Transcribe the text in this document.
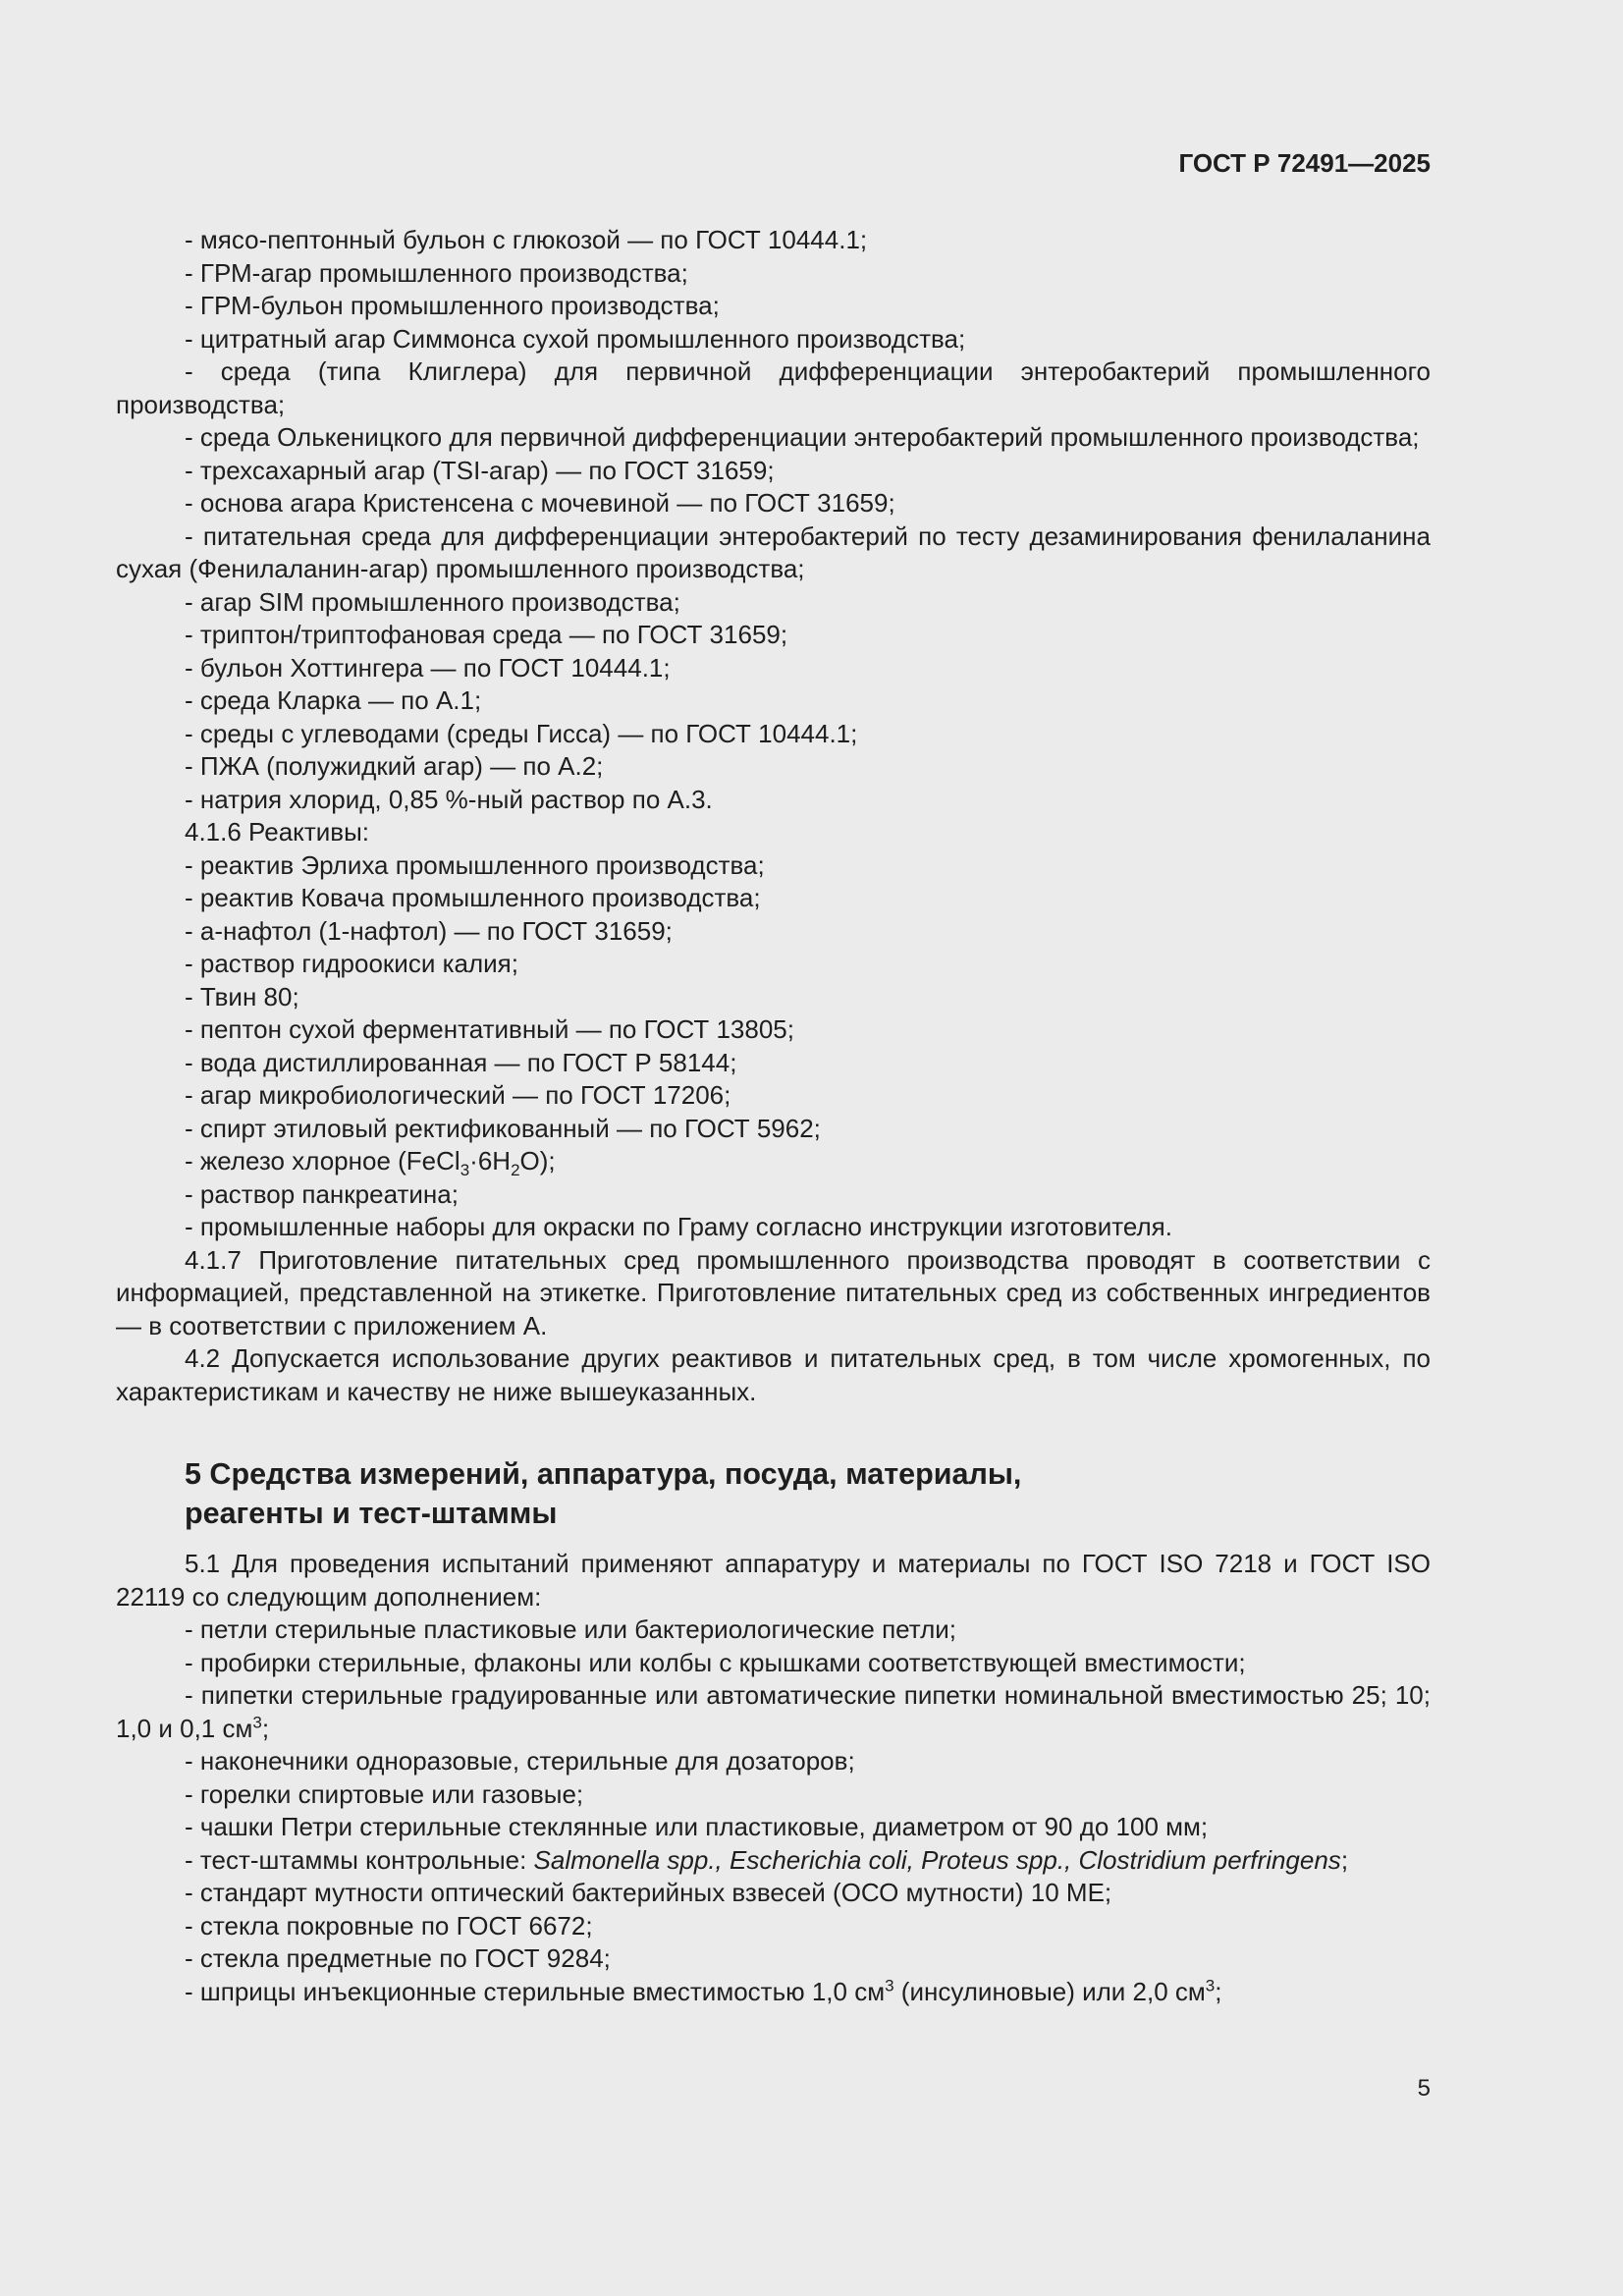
ГОСТ Р 72491—2025

- мясо-пептонный бульон с глюкозой — по ГОСТ 10444.1;

- ГРМ-агар промышленного производства;

- ГРМ-бульон промышленного производства;

- цитратный агар Симмонса сухой промышленного производства;

- среда (типа Клиглера) для первичной дифференциации энтеробактерий промышленного производства;

- среда Олькеницкого для первичной дифференциации энтеробактерий промышленного производства;

- трехсахарный агар (TSI-агар) — по ГОСТ 31659;

- основа агара Кристенсена с мочевиной — по ГОСТ 31659;

- питательная среда для дифференциации энтеробактерий по тесту дезаминирования фенилаланина сухая (Фенилаланин-агар) промышленного производства;

- агар SIM промышленного производства;

- триптон/триптофановая среда — по ГОСТ 31659;

- бульон Хоттингера — по ГОСТ 10444.1;

- среда Кларка — по А.1;

- среды с углеводами (среды Гисса) — по ГОСТ 10444.1;

- ПЖА (полужидкий агар) — по А.2;

- натрия хлорид, 0,85 %-ный раствор по А.3.

4.1.6 Реактивы:

- реактив Эрлиха промышленного производства;

- реактив Ковача промышленного производства;

- а-нафтол (1-нафтол) — по ГОСТ 31659;

- раствор гидроокиси калия;

- Твин 80;

- пептон сухой ферментативный — по ГОСТ 13805;

- вода дистиллированная — по ГОСТ Р 58144;

- агар микробиологический — по ГОСТ 17206;

- спирт этиловый ректификованный — по ГОСТ 5962;

- железо хлорное $(FeCl_3\cdot 6H_2O)$;

- раствор панкреатина;

- промышленные наборы для окраски по Граму согласно инструкции изготовителя.

4.1.7 Приготовление питательных сред промышленного производства проводят в соответствии с информацией, представленной на этикетке. Приготовление питательных сред из собственных ингредиентов — в соответствии с приложением А.

4.2 Допускается использование других реактивов и питательных сред, в том числе хромогенных, по характеристикам и качеству не ниже вышеуказанных.

5 Средства измерений, аппаратура, посуда, материалы,
реагенты и тест-штаммы

5.1 Для проведения испытаний применяют аппаратуру и материалы по ГОСТ ISO 7218 и ГОСТ ISO 22119 со следующим дополнением:

- петли стерильные пластиковые или бактериологические петли;

- пробирки стерильные, флаконы или колбы с крышками соответствующей вместимости;

- пипетки стерильные градуированные или автоматические пипетки номинальной вместимостью 25; 10; 1,0 и 0,1 $см^3$;

- наконечники одноразовые, стерильные для дозаторов;

- горелки спиртовые или газовые;

- чашки Петри стерильные стеклянные или пластиковые, диаметром от 90 до 100 мм;

- тест-штаммы контрольные: Salmonella spp., Escherichia coli, Proteus spp., Clostridium perfringens;

- стандарт мутности оптический бактерийных взвесей (ОСО мутности) 10 МЕ;

- стекла покровные по ГОСТ 6672;

- стекла предметные по ГОСТ 9284;

- шприцы инъекционные стерильные вместимостью 1,0 $см^3$ (инсулиновые) или 2,0 $см^3$;

5
